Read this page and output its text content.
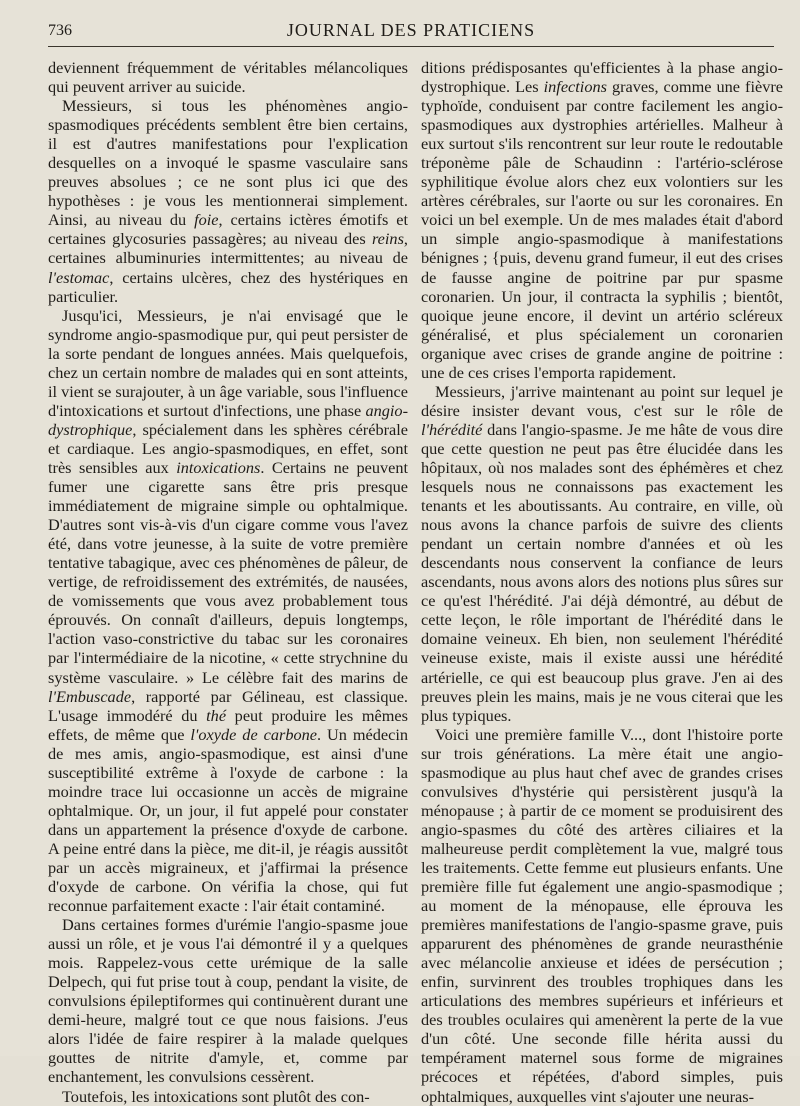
736	JOURNAL DES PRATICIENS

deviennent fréquemment de véritables mélancoliques qui peuvent arriver au suicide.

Messieurs, si tous les phénomènes angio-spasmodiques précédents semblent être bien certains, il est d'autres manifestations pour l'explication desquelles on a invoqué le spasme vasculaire sans preuves absolues ; ce ne sont plus ici que des hypothèses : je vous les mentionnerai simplement. Ainsi, au niveau du foie, certains ictères émotifs et certaines glycosuries passagères; au niveau des reins, certaines albuminuries intermittentes; au niveau de l'estomac, certains ulcères, chez des hystériques en particulier.

Jusqu'ici, Messieurs, je n'ai envisagé que le syndrome angio-spasmodique pur, qui peut persister de la sorte pendant de longues années. Mais quelquefois, chez un certain nombre de malades qui en sont atteints, il vient se surajouter, à un âge variable, sous l'influence d'intoxications et surtout d'infections, une phase angio-dystrophique, spécialement dans les sphères cérébrale et cardiaque. Les angio-spasmodiques, en effet, sont très sensibles aux intoxications. Certains ne peuvent fumer une cigarette sans être pris presque immédiatement de migraine simple ou ophtalmique. D'autres sont vis-à-vis d'un cigare comme vous l'avez été, dans votre jeunesse, à la suite de votre première tentative tabagique, avec ces phénomènes de pâleur, de vertige, de refroidissement des extrémités, de nausées, de vomissements que vous avez probablement tous éprouvés. On connaît d'ailleurs, depuis longtemps, l'action vaso-constrictive du tabac sur les coronaires par l'intermédiaire de la nicotine, « cette strychnine du système vasculaire. » Le célèbre fait des marins de l'Embuscade, rapporté par Gélineau, est classique. L'usage immodéré du thé peut produire les mêmes effets, de même que l'oxyde de carbone. Un médecin de mes amis, angio-spasmodique, est ainsi d'une susceptibilité extrême à l'oxyde de carbone : la moindre trace lui occasionne un accès de migraine ophtalmique. Or, un jour, il fut appelé pour constater dans un appartement la présence d'oxyde de carbone. A peine entré dans la pièce, me dit-il, je réagis aussitôt par un accès migraineux, et j'affirmai la présence d'oxyde de carbone. On vérifia la chose, qui fut reconnue parfaitement exacte : l'air était contaminé.

Dans certaines formes d'urémie l'angio-spasme joue aussi un rôle, et je vous l'ai démontré il y a quelques mois. Rappelez-vous cette urémique de la salle Delpech, qui fut prise tout à coup, pendant la visite, de convulsions épileptiformes qui continuèrent durant une demi-heure, malgré tout ce que nous faisions. J'eus alors l'idée de faire respirer à la malade quelques gouttes de nitrite d'amyle, et, comme par enchantement, les convulsions cessèrent.

Toutefois, les intoxications sont plutôt des con-

ditions prédisposantes qu'efficientes à la phase angio-dystrophique. Les infections graves, comme une fièvre typhoïde, conduisent par contre facilement les angio-spasmodiques aux dystrophies artérielles. Malheur à eux surtout s'ils rencontrent sur leur route le redoutable tréponème pâle de Schaudinn : l'artério-sclérose syphilitique évolue alors chez eux volontiers sur les artères cérébrales, sur l'aorte ou sur les coronaires. En voici un bel exemple. Un de mes malades était d'abord un simple angio-spasmodique à manifestations bénignes ; {puis, devenu grand fumeur, il eut des crises de fausse angine de poitrine par pur spasme coronarien. Un jour, il contracta la syphilis ; bientôt, quoique jeune encore, il devint un artério scléreux généralisé, et plus spécialement un coronarien organique avec crises de grande angine de poitrine : une de ces crises l'emporta rapidement.

Messieurs, j'arrive maintenant au point sur lequel je désire insister devant vous, c'est sur le rôle de l'hérédité dans l'angio-spasme. Je me hâte de vous dire que cette question ne peut pas être élucidée dans les hôpitaux, où nos malades sont des éphémères et chez lesquels nous ne connaissons pas exactement les tenants et les aboutissants. Au contraire, en ville, où nous avons la chance parfois de suivre des clients pendant un certain nombre d'années et où les descendants nous conservent la confiance de leurs ascendants, nous avons alors des notions plus sûres sur ce qu'est l'hérédité. J'ai déjà démontré, au début de cette leçon, le rôle important de l'hérédité dans le domaine veineux. Eh bien, non seulement l'hérédité veineuse existe, mais il existe aussi une hérédité artérielle, ce qui est beaucoup plus grave. J'en ai des preuves plein les mains, mais je ne vous citerai que les plus typiques.

Voici une première famille V..., dont l'histoire porte sur trois générations. La mère était une angio-spasmodique au plus haut chef avec de grandes crises convulsives d'hystérie qui persistèrent jusqu'à la ménopause ; à partir de ce moment se produisirent des angio-spasmes du côté des artères ciliaires et la malheureuse perdit complètement la vue, malgré tous les traitements. Cette femme eut plusieurs enfants. Une première fille fut également une angio-spasmodique ; au moment de la ménopause, elle éprouva les premières manifestations de l'angio-spasme grave, puis apparurent des phénomènes de grande neurasthénie avec mélancolie anxieuse et idées de persécution ; enfin, survinrent des troubles trophiques dans les articulations des membres supérieurs et inférieurs et des troubles oculaires qui amenèrent la perte de la vue d'un côté. Une seconde fille hérita aussi du tempérament maternel sous forme de migraines précoces et répétées, d'abord simples, puis ophtalmiques, auxquelles vint s'ajouter une neuras-
